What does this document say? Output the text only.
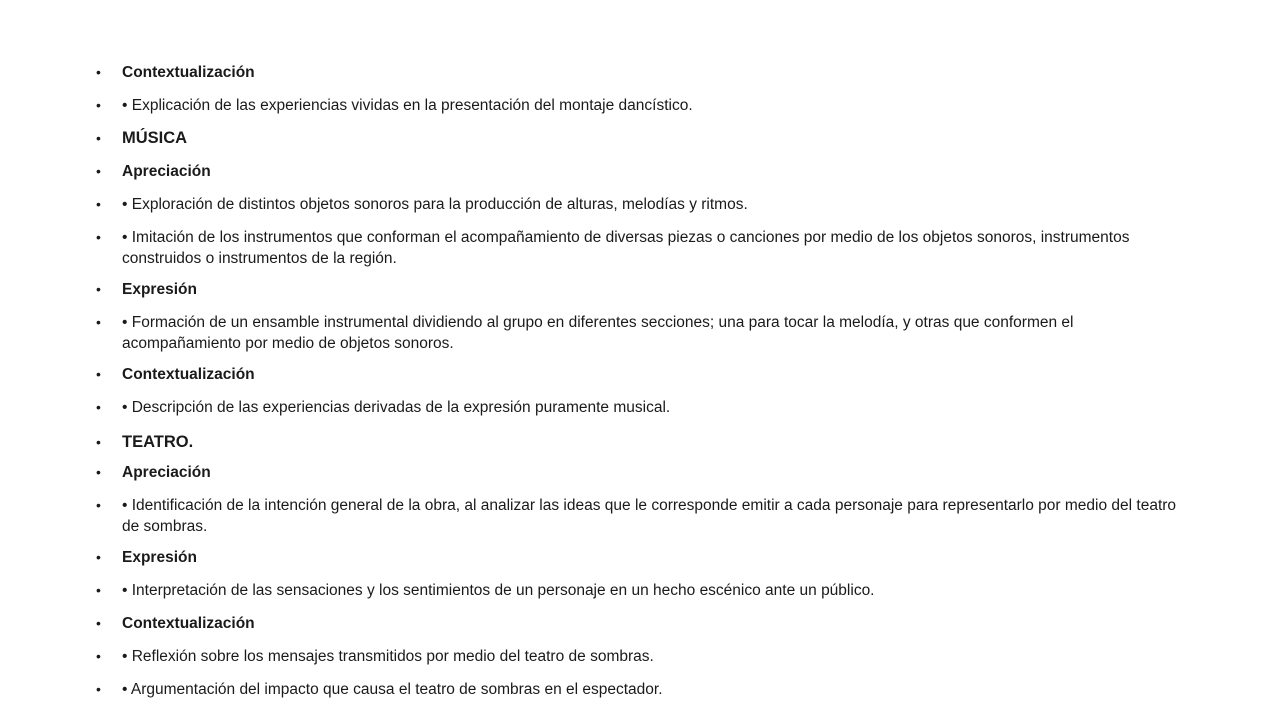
• Contextualización
• • Explicación de las experiencias vividas en la presentación del montaje dancístico.
• MÚSICA
• Apreciación
• • Exploración de distintos objetos sonoros para la producción de alturas, melodías y ritmos.
• • Imitación de los instrumentos que conforman el acompañamiento de diversas piezas o canciones por medio de los objetos sonoros, instrumentos construidos o instrumentos de la región.
• Expresión
• • Formación de un ensamble instrumental dividiendo al grupo en diferentes secciones; una para tocar la melodía, y otras que conformen el acompañamiento por medio de objetos sonoros.
• Contextualización
• • Descripción de las experiencias derivadas de la expresión puramente musical.
• TEATRO.
• Apreciación
• • Identificación de la intención general de la obra, al analizar las ideas que le corresponde emitir a cada personaje para representarlo por medio del teatro de sombras.
• Expresión
• • Interpretación de las sensaciones y los sentimientos de un personaje en un hecho escénico ante un público.
• Contextualización
• • Reflexión sobre los mensajes transmitidos por medio del teatro de sombras.
• • Argumentación del impacto que causa el teatro de sombras en el espectador.
